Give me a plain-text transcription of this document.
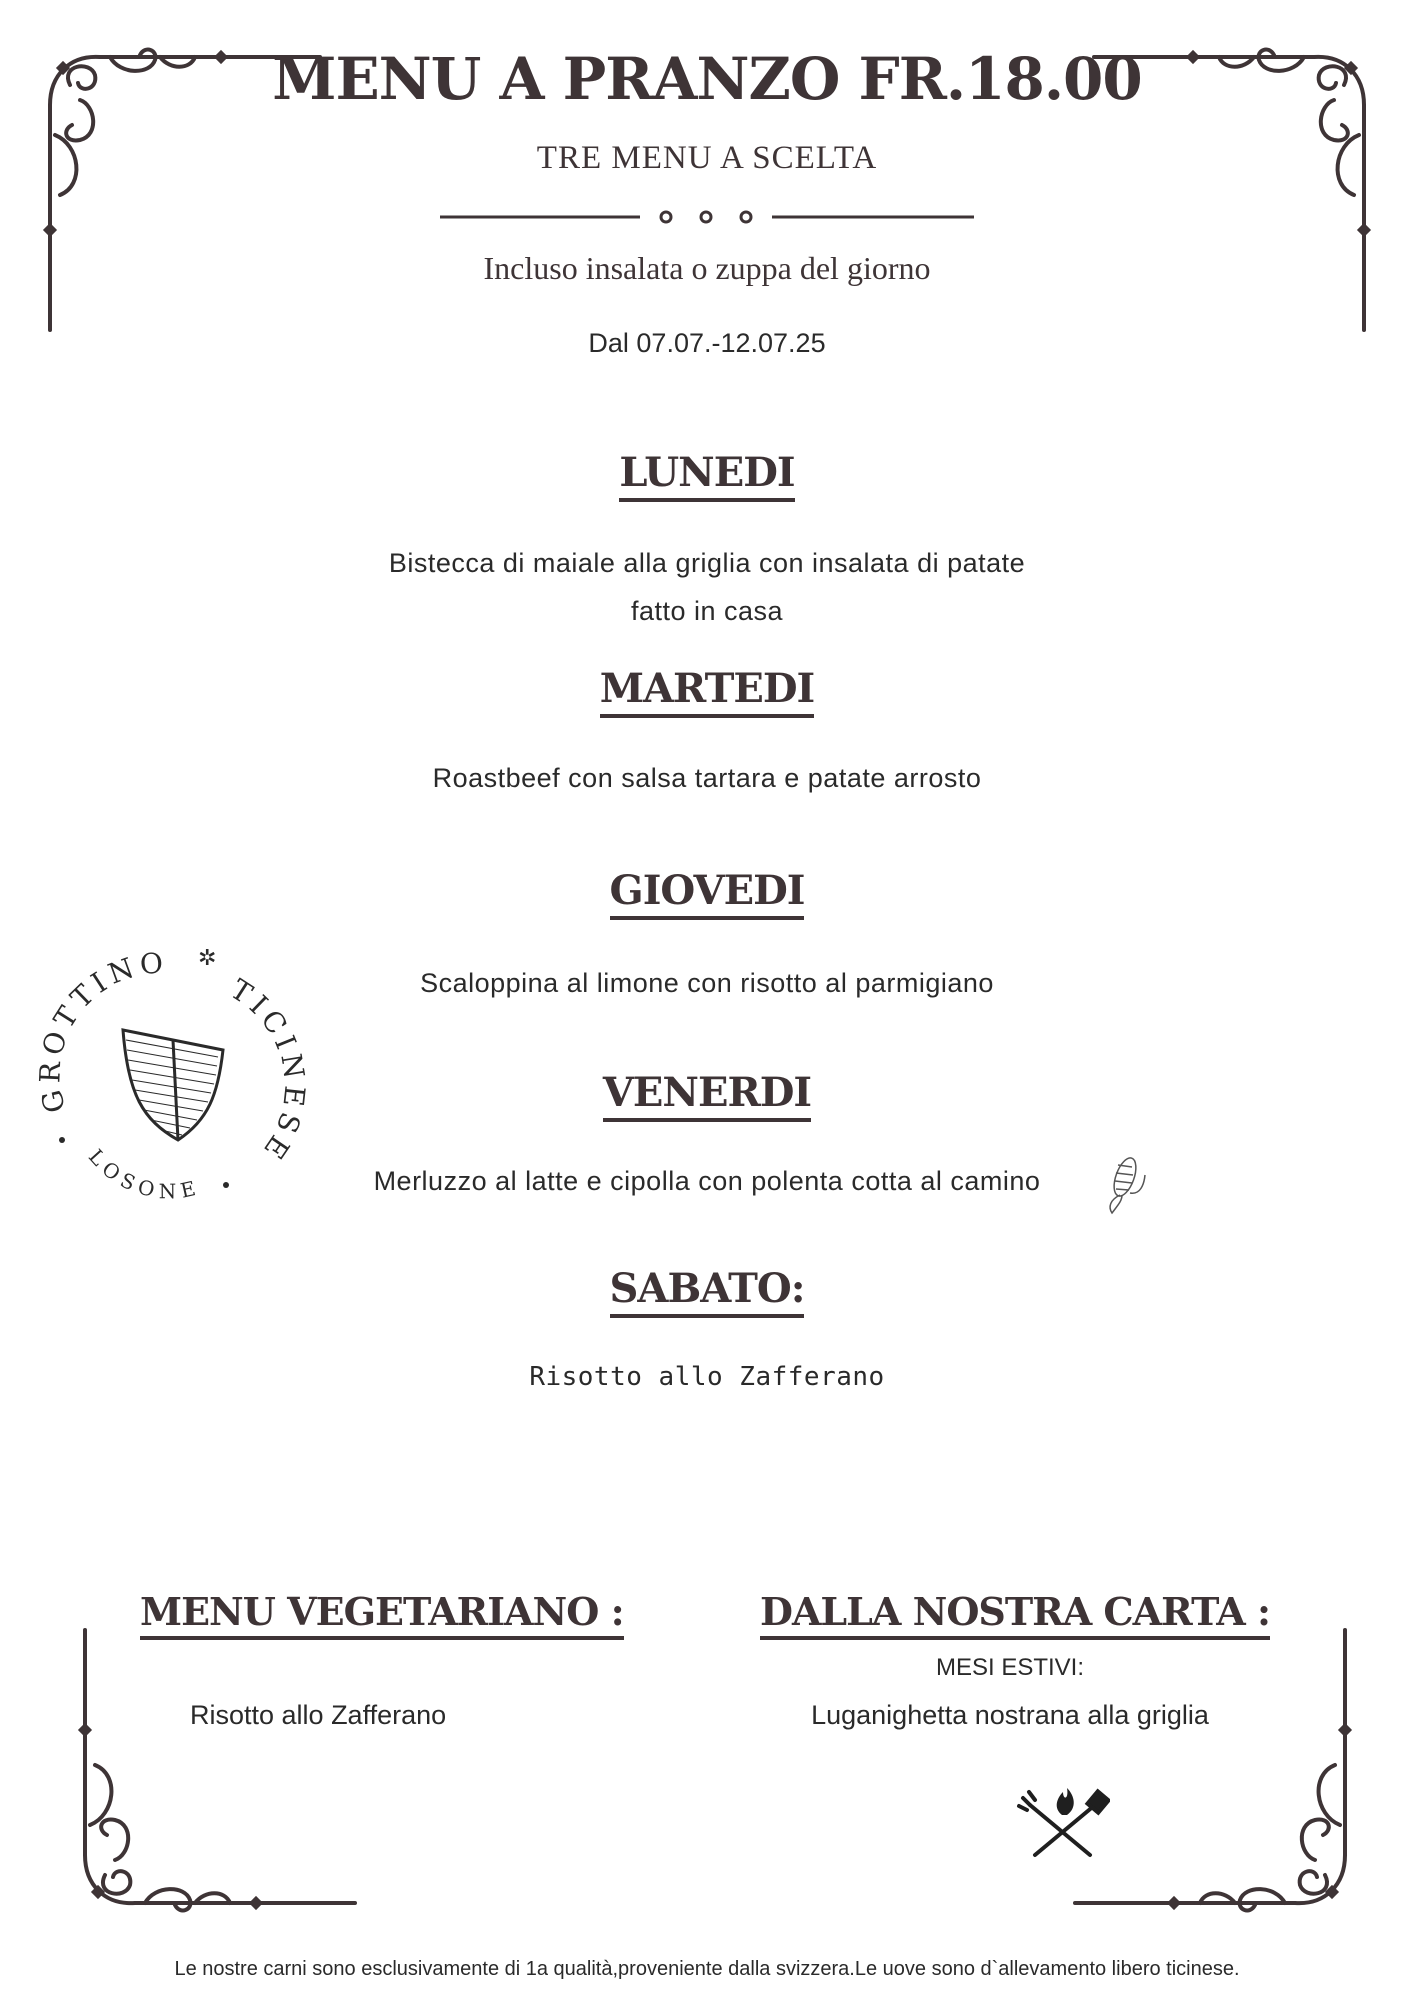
MENU A PRANZO FR.18.00
TRE MENU A SCELTA
Incluso insalata o zuppa del giorno
Dal 07.07.-12.07.25
LUNEDI
Bistecca di maiale alla griglia con insalata di patate
fatto in casa
MARTEDI
Roastbeef con salsa tartara e patate arrosto
GIOVEDI
Scaloppina al limone con risotto al parmigiano
VENERDI
Merluzzo al latte e cipolla con polenta cotta al camino
SABATO:
Risotto allo Zafferano
GROTTINO
TICINESE
LOSONE
✲
MENU VEGETARIANO :
Risotto allo Zafferano
DALLA NOSTRA CARTA :
MESI ESTIVI:
Luganighetta nostrana alla griglia
Le nostre carni sono esclusivamente di 1a qualità,proveniente dalla svizzera.Le uove sono d`allevamento libero ticinese.
